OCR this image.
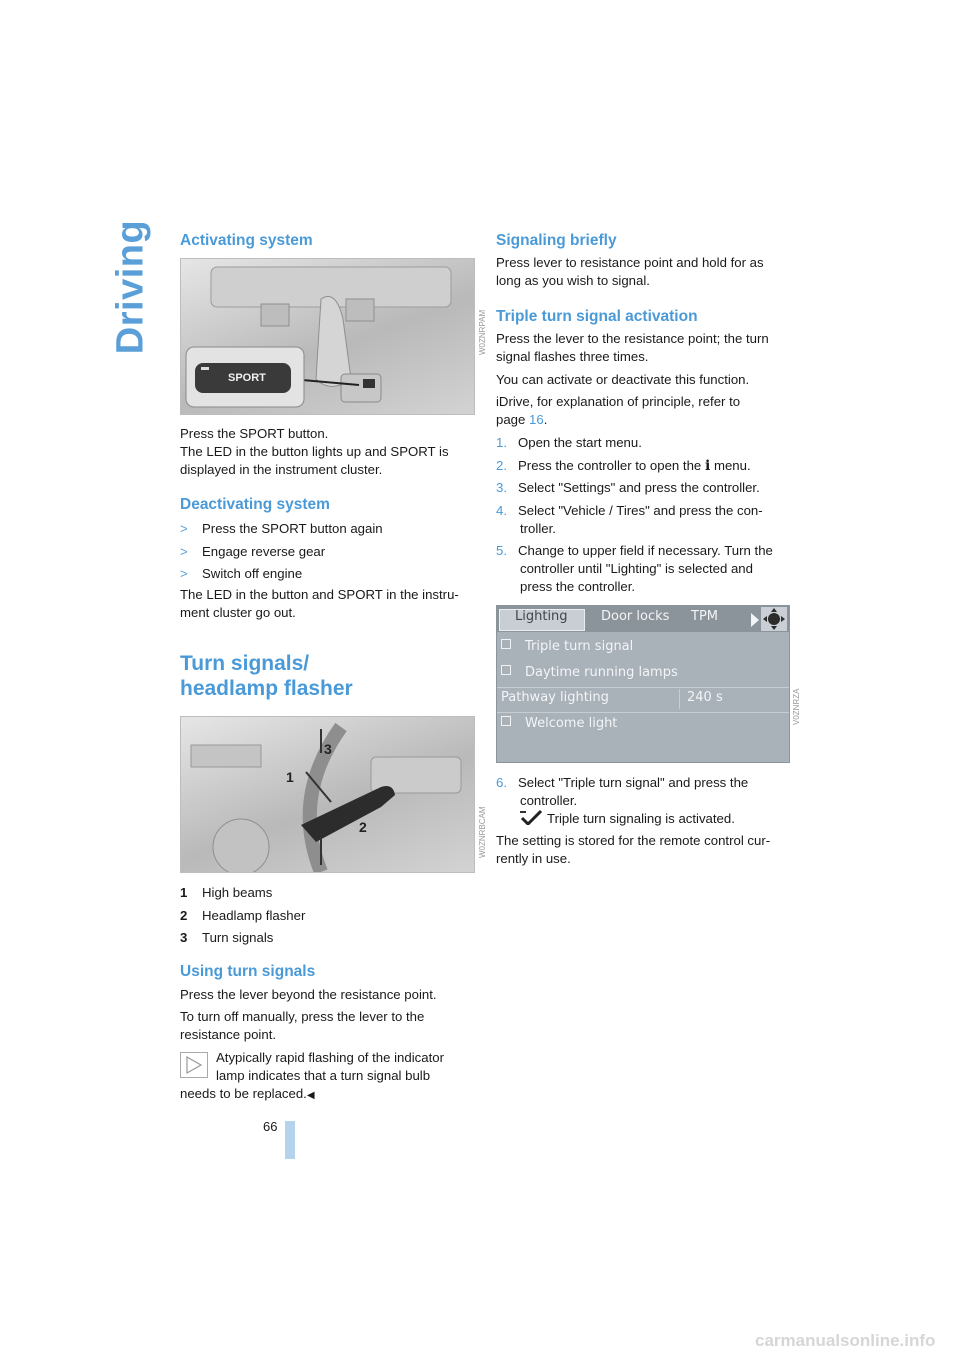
Driving Activating system
SPORT
W0ZNRPAM
Press the SPORT button.
The LED in the button lights up and SPORT is
displayed in the instrument cluster.
Deactivating system
> Press the SPORT button again
> Engage reverse gear
> Switch off engine
The LED in the button and SPORT in the instru-
ment cluster go out.
Turn signals/
headlamp flasher
1
2
3
W0ZNRBCAM
1 High beams
2 Headlamp flasher
3 Turn signals
Using turn signals
Press the lever beyond the resistance point.
To turn off manually, press the lever to the
resistance point.
Atypically rapid flashing of the indicator
lamp indicates that a turn signal bulb
needs to be replaced.◀
Signaling briefly
Press lever to resistance point and hold for as
long as you wish to signal.
Triple turn signal activation
Press the lever to the resistance point; the turn
signal flashes three times.
You can activate or deactivate this function.
iDrive, for explanation of principle, refer to
page 16.
1. Open the start menu.
2. Press the controller to open the i menu.
3. Select "Settings" and press the controller.
4. Select "Vehicle / Tires" and press the con-
troller.
5. Change to upper field if necessary. Turn the
controller until "Lighting" is selected and
press the controller.
Lighting	Door locks TPM
Triple turn signal
Daytime running lamps
Pathway lighting	240 s
Welcome light	V0ZNRZA
6. Select "Triple turn signal" and press the
controller.
Triple turn signaling is activated.
The setting is stored for the remote control cur-
rently in use.
66
carmanualsonline.info
